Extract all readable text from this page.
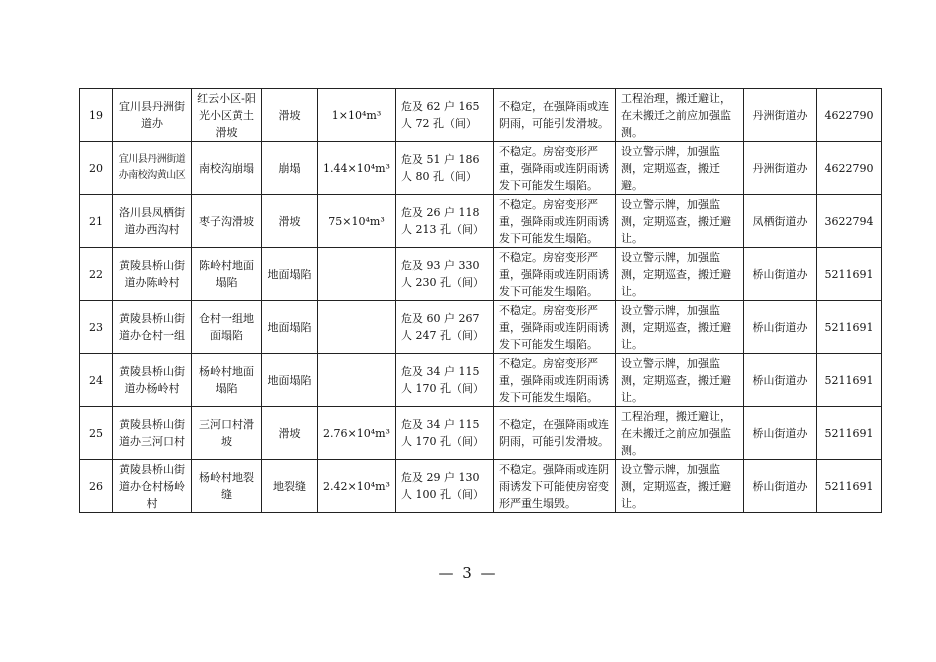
19	宜川县丹洲街道办	红云小区-阳光小区黄土滑坡	滑坡	1×10⁴m³	危及 62 户 165 人 72 孔（间）	不稳定，在强降雨或连阴雨，可能引发滑坡。	工程治理，搬迁避让，在未搬迁之前应加强监测。	丹洲街道办	4622790
20	宜川县丹洲街道办南校沟黄山区	南校沟崩塌	崩塌	1.44×10⁴m³	危及 51 户 186 人 80 孔（间）	不稳定。房窑变形严重，强降雨或连阴雨诱发下可能发生塌陷。	设立警示牌，加强监测，定期巡查，搬迁避。	丹洲街道办	4622790
21	洛川县凤栖街道办西沟村	枣子沟滑坡	滑坡	75×10⁴m³	危及 26 户 118 人 213 孔（间）	不稳定。房窑变形严重，强降雨或连阴雨诱发下可能发生塌陷。	设立警示牌，加强监测，定期巡查，搬迁避让。	凤栖街道办	3622794
22	黄陵县桥山街道办陈岭村	陈岭村地面塌陷	地面塌陷		危及 93 户 330 人 230 孔（间）	不稳定。房窑变形严重，强降雨或连阴雨诱发下可能发生塌陷。	设立警示牌，加强监测，定期巡查，搬迁避让。	桥山街道办	5211691
23	黄陵县桥山街道办仓村一组	仓村一组地面塌陷	地面塌陷		危及 60 户 267 人 247 孔（间）	不稳定。房窑变形严重，强降雨或连阴雨诱发下可能发生塌陷。	设立警示牌，加强监测，定期巡查，搬迁避让。	桥山街道办	5211691
24	黄陵县桥山街道办杨岭村	杨岭村地面塌陷	地面塌陷		危及 34 户 115 人 170 孔（间）	不稳定。房窑变形严重，强降雨或连阴雨诱发下可能发生塌陷。	设立警示牌，加强监测，定期巡查，搬迁避让。	桥山街道办	5211691
25	黄陵县桥山街道办三河口村	三河口村滑坡	滑坡	2.76×10⁴m³	危及 34 户 115 人 170 孔（间）	不稳定，在强降雨或连阴雨，可能引发滑坡。	工程治理，搬迁避让，在未搬迁之前应加强监测。	桥山街道办	5211691
26	黄陵县桥山街道办仓村杨岭村	杨岭村地裂缝	地裂缝	2.42×10⁴m³	危及 29 户 130 人 100 孔（间）	不稳定。强降雨或连阴雨诱发下可能使房窑变形严重生塌毁。	设立警示牌，加强监测，定期巡查，搬迁避让。	桥山街道办	5211691
— 3 —
